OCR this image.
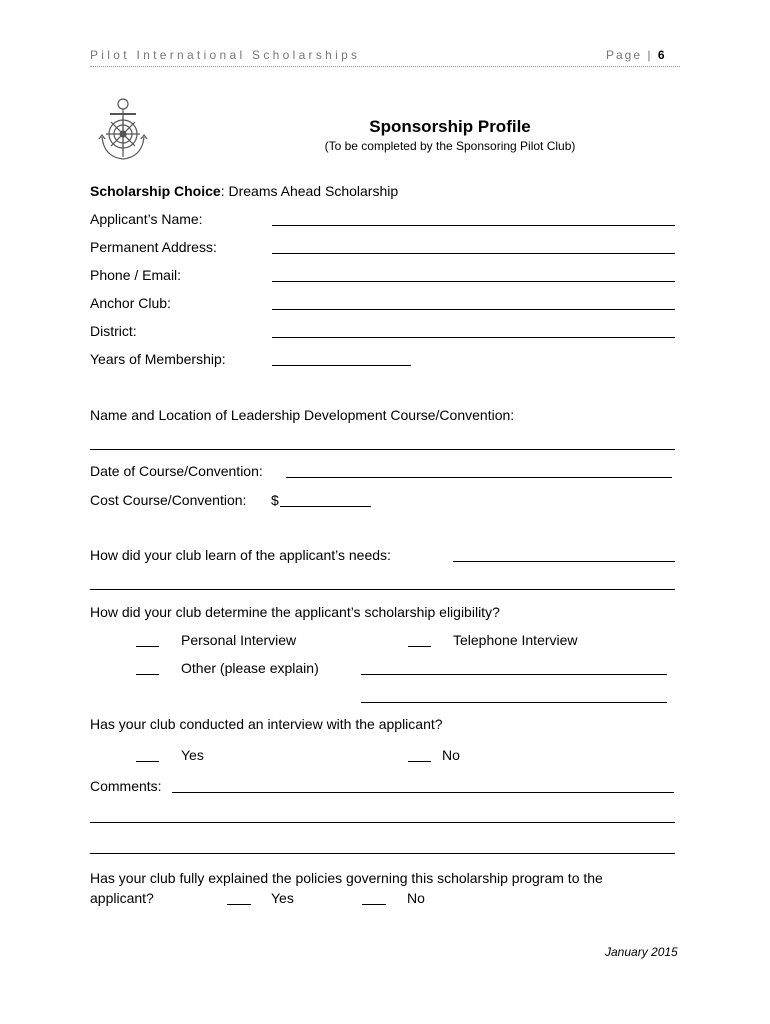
Pilot International Scholarships	Page | 6
Sponsorship Profile
(To be completed by the Sponsoring Pilot Club)
Scholarship Choice: Dreams Ahead Scholarship
Applicant’s Name:
Permanent Address:
Phone / Email:
Anchor Club:
District:
Years of Membership:
Name and Location of Leadership Development Course/Convention:
Date of Course/Convention:
Cost Course/Convention: $
How did your club learn of the applicant’s needs:
How did your club determine the applicant’s scholarship eligibility?
Personal Interview	Telephone Interview
Other (please explain)
Has your club conducted an interview with the applicant?
Yes	No
Comments:
Has your club fully explained the policies governing this scholarship program to the
applicant?	Yes	No
January 2015
